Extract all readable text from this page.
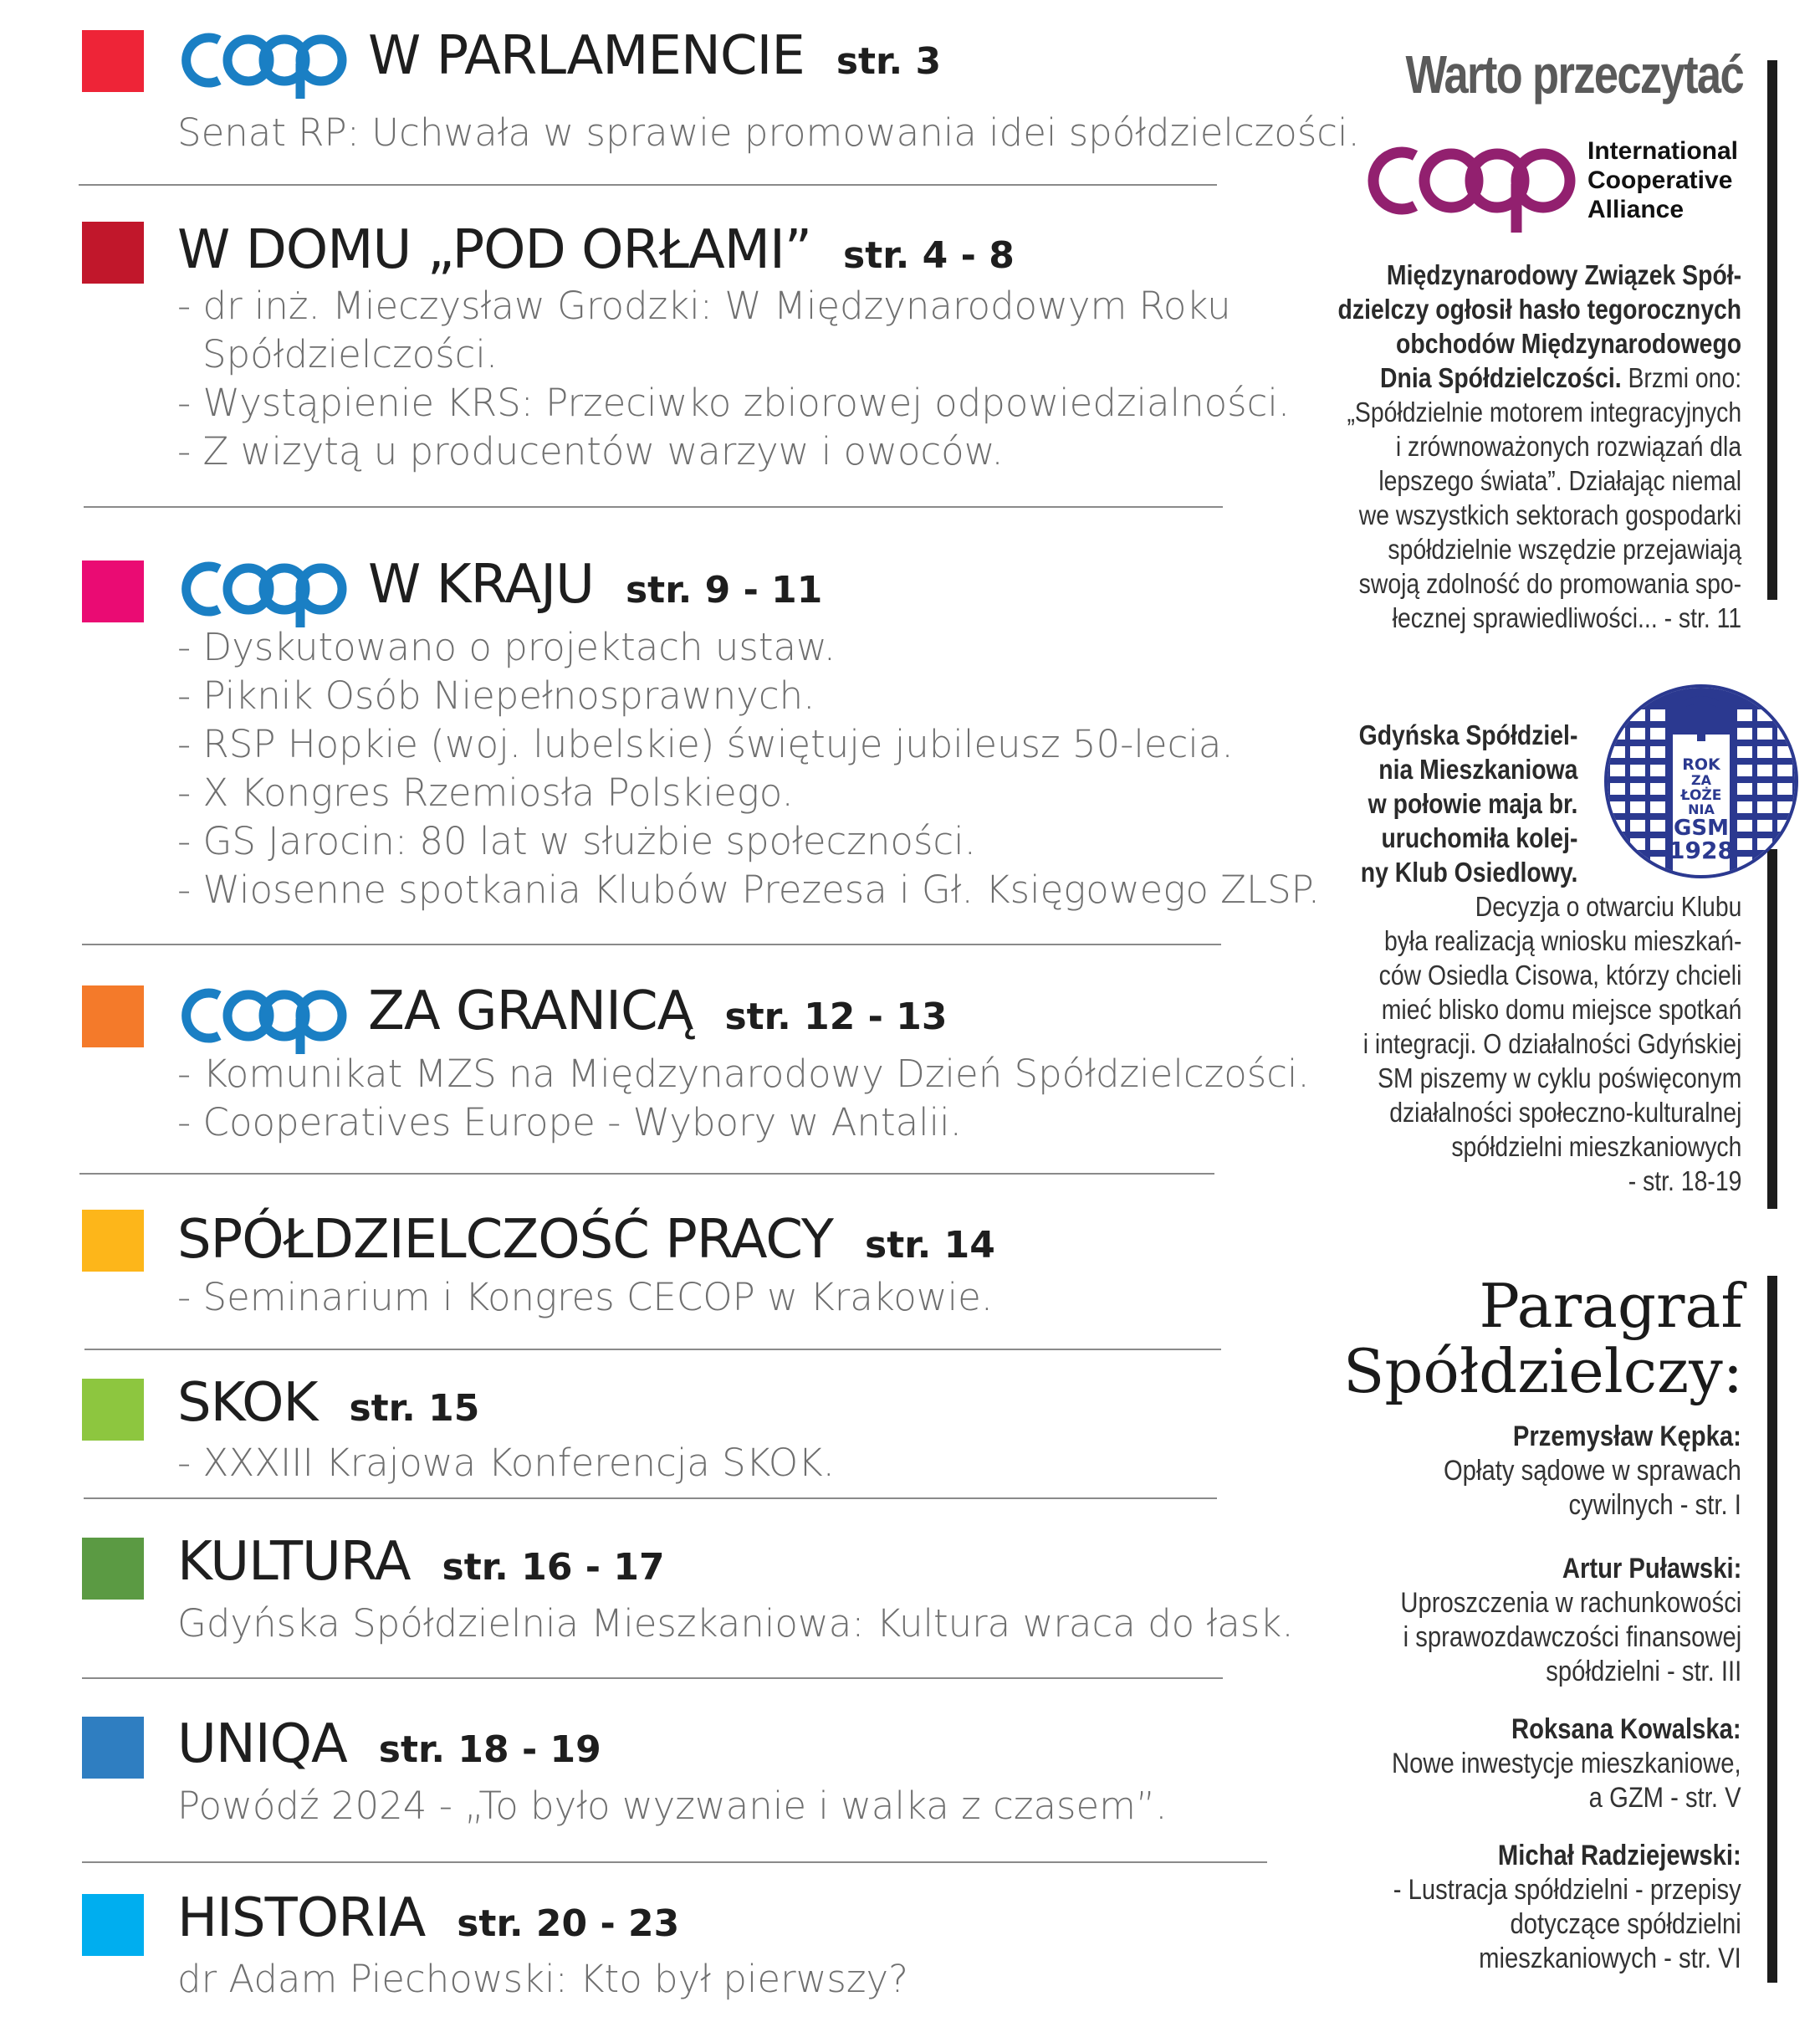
W PARLAMENCIE str. 3
Senat RP: Uchwała w sprawie promowania idei spółdzielczości.
W DOMU „POD ORŁAMI” str. 4 - 8
- dr inż. Mieczysław Grodzki: W Międzynarodowym Roku
Spółdzielczości.
- Wystąpienie KRS: Przeciwko zbiorowej odpowiedzialności.
- Z wizytą u producentów warzyw i owoców.
W KRAJU str. 9 - 11
- Dyskutowano o projektach ustaw.
- Piknik Osób Niepełnosprawnych.
- RSP Hopkie (woj. lubelskie) świętuje jubileusz 50-lecia.
- X Kongres Rzemiosła Polskiego.
- GS Jarocin: 80 lat w służbie społeczności.
- Wiosenne spotkania Klubów Prezesa i Gł. Księgowego ZLSP.
ZA GRANICĄ str. 12 - 13
- Komunikat MZS na Międzynarodowy Dzień Spółdzielczości.
- Cooperatives Europe - Wybory w Antalii.
SPÓŁDZIELCZOŚĆ PRACY str. 14
- Seminarium i Kongres CECOP w Krakowie.
SKOK str. 15
- XXXIII Krajowa Konferencja SKOK.
KULTURA str. 16 - 17
Gdyńska Spółdzielnia Mieszkaniowa: Kultura wraca do łask.
UNIQA str. 18 - 19
Powódź 2024 - „To było wyzwanie i walka z czasem”.
HISTORIA str. 20 - 23
dr Adam Piechowski: Kto był pierwszy?
Warto przeczytać
International
Cooperative
Alliance
Międzynarodowy Związek Spół-
dzielczy ogłosił hasło tegorocznych
obchodów Międzynarodowego
Dnia Spółdzielczości. Brzmi ono:
„Spółdzielnie motorem integracyjnych
i zrównoważonych rozwiązań dla
lepszego świata”. Działając niemal
we wszystkich sektorach gospodarki
spółdzielnie wszędzie przejawiają
swoją zdolność do promowania spo-
łecznej sprawiedliwości... - str. 11
ROK
ZA
ŁOŻE
NIA
GSM
1928
Gdyńska Spółdziel-
nia Mieszkaniowa
w połowie maja br.
uruchomiła kolej-
ny Klub Osiedlowy.
Decyzja o otwarciu Klubu
była realizacją wniosku mieszkań-
ców Osiedla Cisowa, którzy chcieli
mieć blisko domu miejsce spotkań
i integracji. O działalności Gdyńskiej
SM piszemy w cyklu poświęconym
działalności społeczno-kulturalnej
spółdzielni mieszkaniowych
- str. 18-19
Paragraf
Spółdzielczy:
Przemysław Kępka:
Opłaty sądowe w sprawach
cywilnych - str. I
Artur Puławski:
Uproszczenia w rachunkowości
i sprawozdawczości finansowej
spółdzielni - str. III
Roksana Kowalska:
Nowe inwestycje mieszkaniowe,
a GZM - str. V
Michał Radziejewski:
- Lustracja spółdzielni - przepisy
dotyczące spółdzielni
mieszkaniowych - str. VI
